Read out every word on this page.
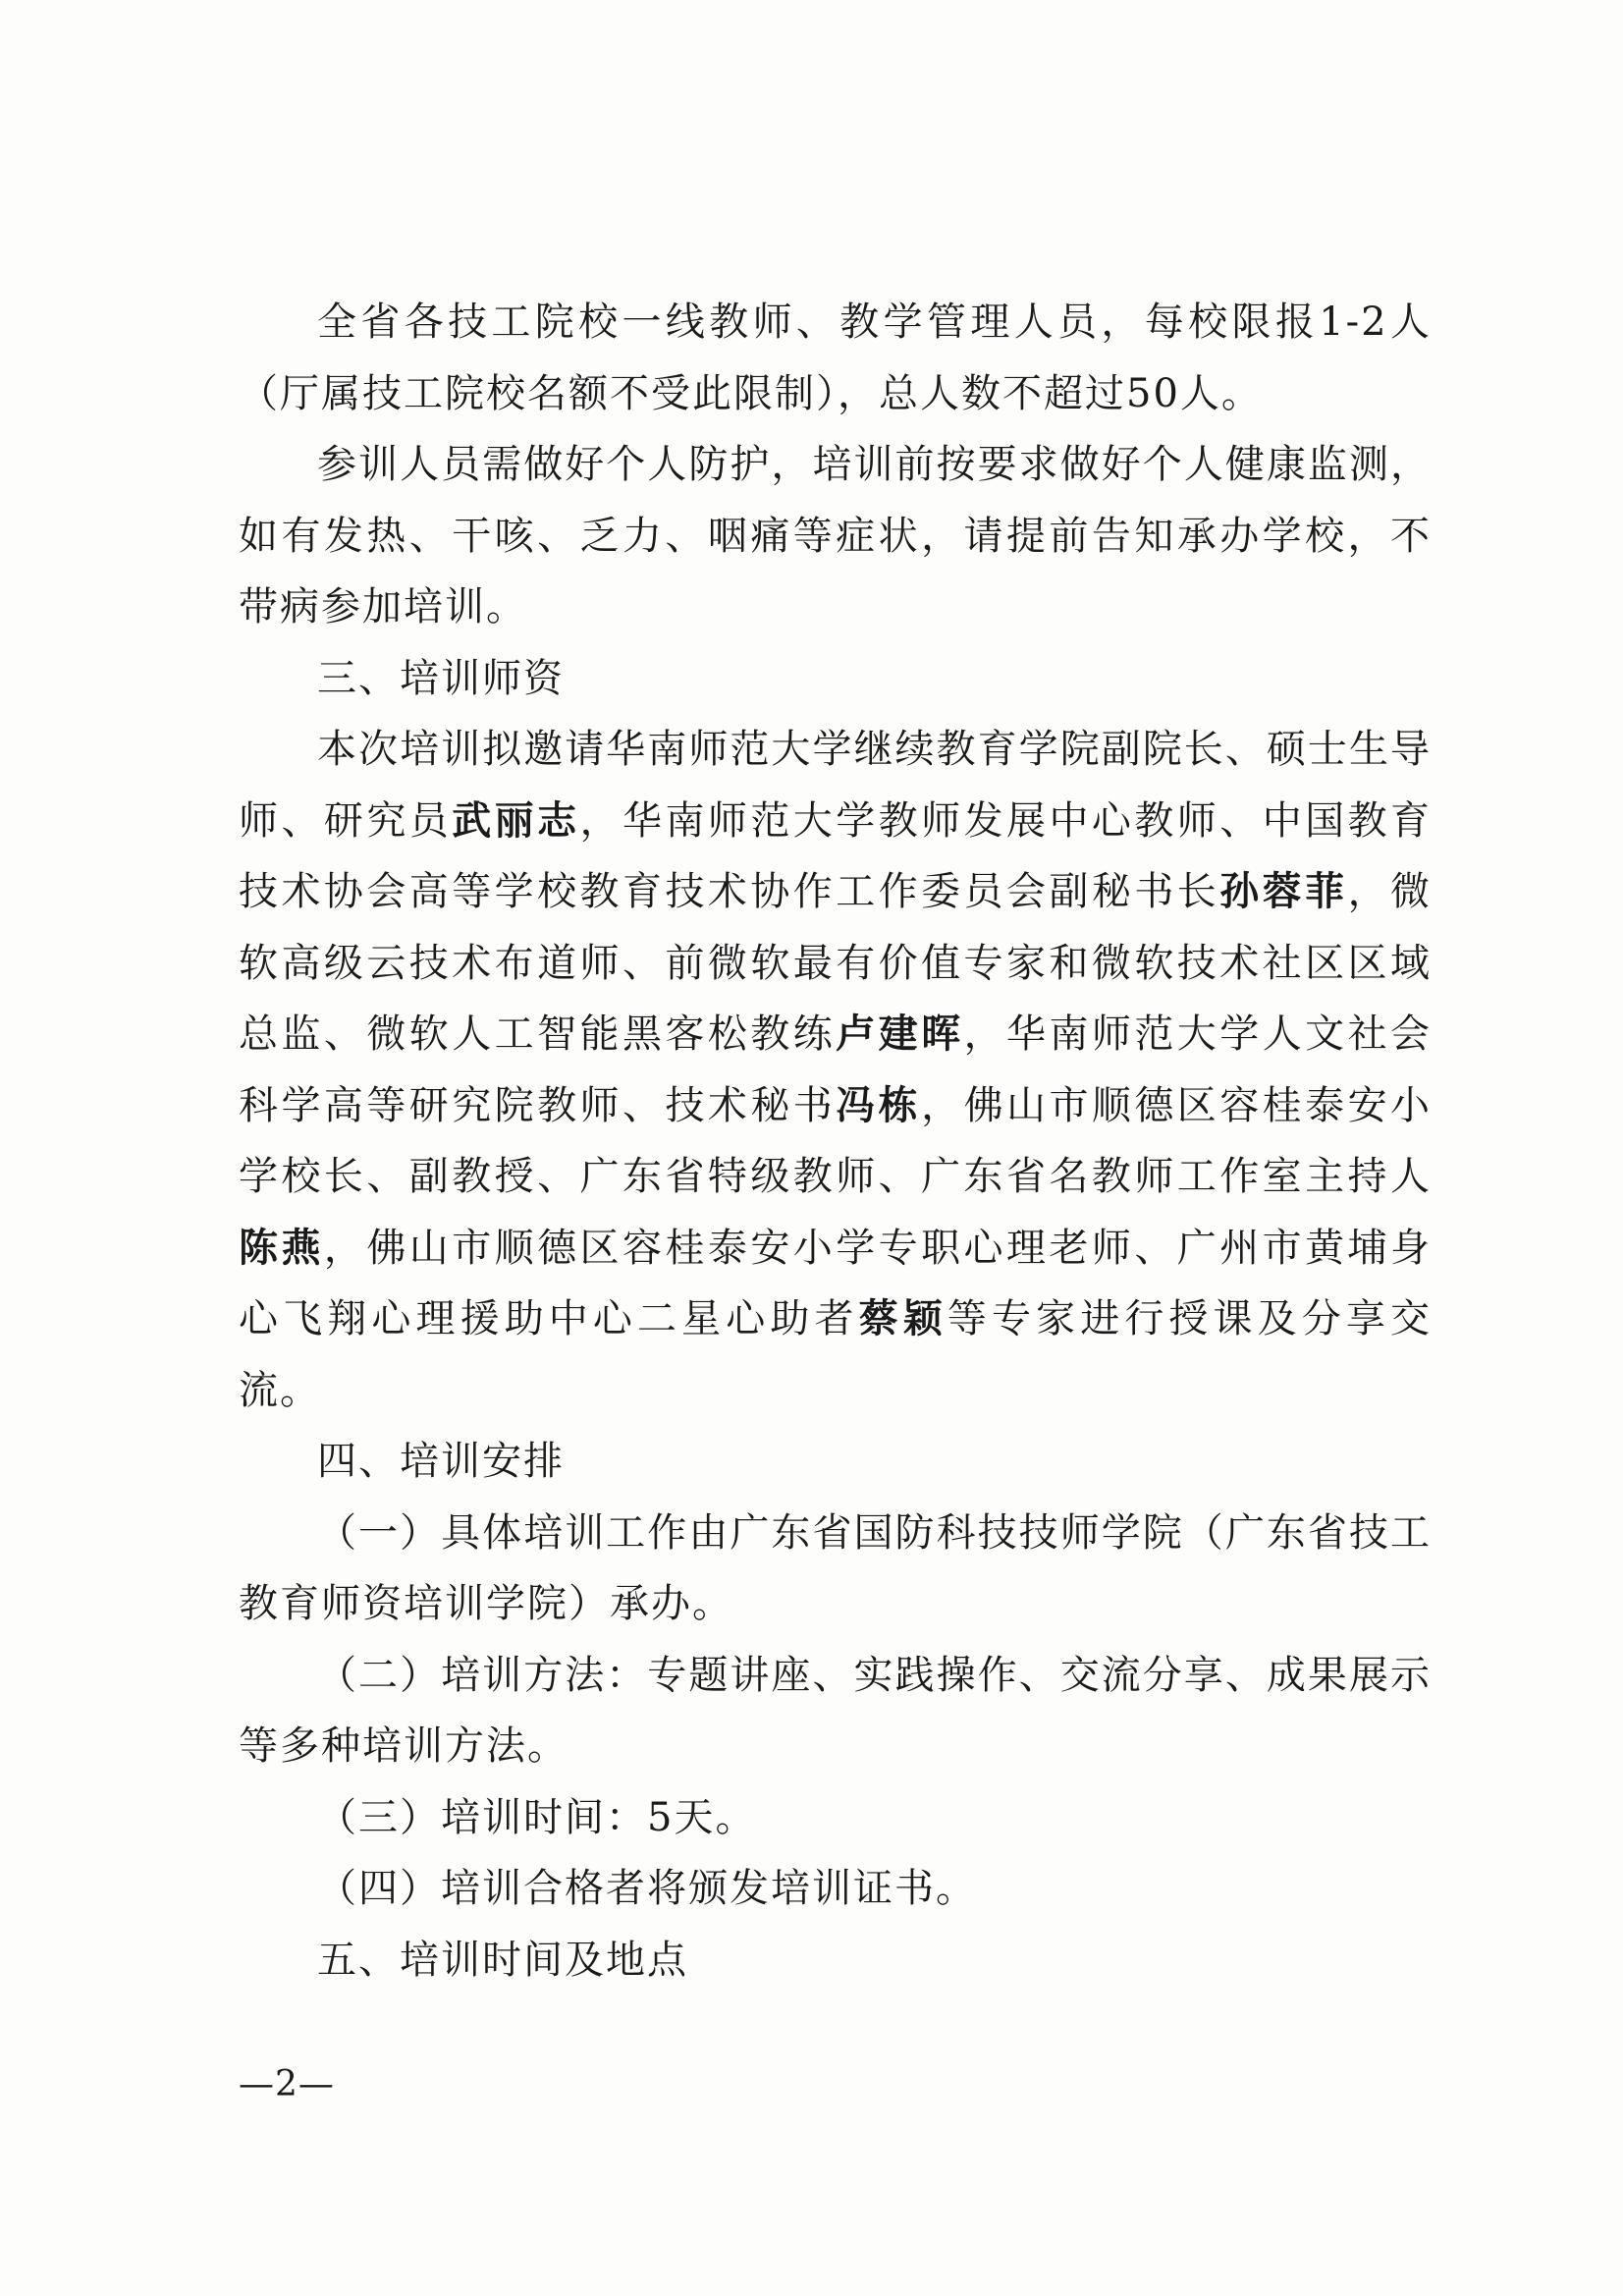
全省各技工院校一线教师、教学管理人员，每校限报1-2人（厅属技工院校名额不受此限制），总人数不超过50人。

参训人员需做好个人防护，培训前按要求做好个人健康监测，如有发热、干咳、乏力、咽痛等症状，请提前告知承办学校，不带病参加培训。

三、培训师资

本次培训拟邀请华南师范大学继续教育学院副院长、硕士生导师、研究员武丽志，华南师范大学教师发展中心教师、中国教育技术协会高等学校教育技术协作工作委员会副秘书长孙蓉菲，微软高级云技术布道师、前微软最有价值专家和微软技术社区区域总监、微软人工智能黑客松教练卢建晖，华南师范大学人文社会科学高等研究院教师、技术秘书冯栋，佛山市顺德区容桂泰安小学校长、副教授、广东省特级教师、广东省名教师工作室主持人陈燕，佛山市顺德区容桂泰安小学专职心理老师、广州市黄埔身心飞翔心理援助中心二星心助者蔡颖等专家进行授课及分享交流。

四、培训安排

（一）具体培训工作由广东省国防科技技师学院（广东省技工教育师资培训学院）承办。

（二）培训方法：专题讲座、实践操作、交流分享、成果展示等多种培训方法。

（三）培训时间：5天。

（四）培训合格者将颁发培训证书。

五、培训时间及地点

—2—
